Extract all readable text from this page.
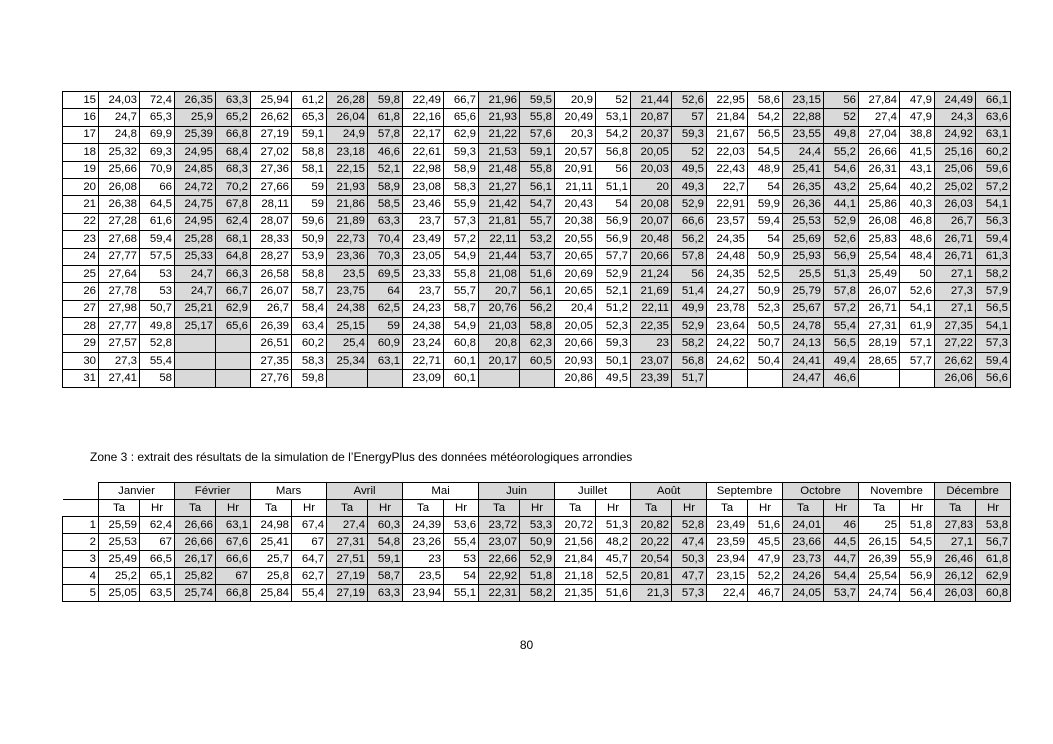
15	24,03	72,4	26,35	63,3	25,94	61,2	26,28	59,8	22,49	66,7	21,96	59,5	20,9	52	21,44	52,6	22,95	58,6	23,15	56	27,84	47,9	24,49	66,1
16	24,7	65,3	25,9	65,2	26,62	65,3	26,04	61,8	22,16	65,6	21,93	55,8	20,49	53,1	20,87	57	21,84	54,2	22,88	52	27,4	47,9	24,3	63,6
17	24,8	69,9	25,39	66,8	27,19	59,1	24,9	57,8	22,17	62,9	21,22	57,6	20,3	54,2	20,37	59,3	21,67	56,5	23,55	49,8	27,04	38,8	24,92	63,1
18	25,32	69,3	24,95	68,4	27,02	58,8	23,18	46,6	22,61	59,3	21,53	59,1	20,57	56,8	20,05	52	22,03	54,5	24,4	55,2	26,66	41,5	25,16	60,2
19	25,66	70,9	24,85	68,3	27,36	58,1	22,15	52,1	22,98	58,9	21,48	55,8	20,91	56	20,03	49,5	22,43	48,9	25,41	54,6	26,31	43,1	25,06	59,6
20	26,08	66	24,72	70,2	27,66	59	21,93	58,9	23,08	58,3	21,27	56,1	21,11	51,1	20	49,3	22,7	54	26,35	43,2	25,64	40,2	25,02	57,2
21	26,38	64,5	24,75	67,8	28,11	59	21,86	58,5	23,46	55,9	21,42	54,7	20,43	54	20,08	52,9	22,91	59,9	26,36	44,1	25,86	40,3	26,03	54,1
22	27,28	61,6	24,95	62,4	28,07	59,6	21,89	63,3	23,7	57,3	21,81	55,7	20,38	56,9	20,07	66,6	23,57	59,4	25,53	52,9	26,08	46,8	26,7	56,3
23	27,68	59,4	25,28	68,1	28,33	50,9	22,73	70,4	23,49	57,2	22,11	53,2	20,55	56,9	20,48	56,2	24,35	54	25,69	52,6	25,83	48,6	26,71	59,4
24	27,77	57,5	25,33	64,8	28,27	53,9	23,36	70,3	23,05	54,9	21,44	53,7	20,65	57,7	20,66	57,8	24,48	50,9	25,93	56,9	25,54	48,4	26,71	61,3
25	27,64	53	24,7	66,3	26,58	58,8	23,5	69,5	23,33	55,8	21,08	51,6	20,69	52,9	21,24	56	24,35	52,5	25,5	51,3	25,49	50	27,1	58,2
26	27,78	53	24,7	66,7	26,07	58,7	23,75	64	23,7	55,7	20,7	56,1	20,65	52,1	21,69	51,4	24,27	50,9	25,79	57,8	26,07	52,6	27,3	57,9
27	27,98	50,7	25,21	62,9	26,7	58,4	24,38	62,5	24,23	58,7	20,76	56,2	20,4	51,2	22,11	49,9	23,78	52,3	25,67	57,2	26,71	54,1	27,1	56,5
28	27,77	49,8	25,17	65,6	26,39	63,4	25,15	59	24,38	54,9	21,03	58,8	20,05	52,3	22,35	52,9	23,64	50,5	24,78	55,4	27,31	61,9	27,35	54,1
29	27,57	52,8			26,51	60,2	25,4	60,9	23,24	60,8	20,8	62,3	20,66	59,3	23	58,2	24,22	50,7	24,13	56,5	28,19	57,1	27,22	57,3
30	27,3	55,4			27,35	58,3	25,34	63,1	22,71	60,1	20,17	60,5	20,93	50,1	23,07	56,8	24,62	50,4	24,41	49,4	28,65	57,7	26,62	59,4
31	27,41	58			27,76	59,8			23,09	60,1			20,86	49,5	23,39	51,7			24,47	46,6			26,06	56,6
Zone 3 : extrait des résultats de la simulation de l’EnergyPlus des données météorologiques arrondies
	Janvier		Février		Mars		Avril		Mai		Juin		Juillet		Août		Septembre		Octobre		Novembre		Décembre	
	Ta	Hr	Ta	Hr	Ta	Hr	Ta	Hr	Ta	Hr	Ta	Hr	Ta	Hr	Ta	Hr	Ta	Hr	Ta	Hr	Ta	Hr	Ta	Hr
1	25,59	62,4	26,66	63,1	24,98	67,4	27,4	60,3	24,39	53,6	23,72	53,3	20,72	51,3	20,82	52,8	23,49	51,6	24,01	46	25	51,8	27,83	53,8
2	25,53	67	26,66	67,6	25,41	67	27,31	54,8	23,26	55,4	23,07	50,9	21,56	48,2	20,22	47,4	23,59	45,5	23,66	44,5	26,15	54,5	27,1	56,7
3	25,49	66,5	26,17	66,6	25,7	64,7	27,51	59,1	23	53	22,66	52,9	21,84	45,7	20,54	50,3	23,94	47,9	23,73	44,7	26,39	55,9	26,46	61,8
4	25,2	65,1	25,82	67	25,8	62,7	27,19	58,7	23,5	54	22,92	51,8	21,18	52,5	20,81	47,7	23,15	52,2	24,26	54,4	25,54	56,9	26,12	62,9
5	25,05	63,5	25,74	66,8	25,84	55,4	27,19	63,3	23,94	55,1	22,31	58,2	21,35	51,6	21,3	57,3	22,4	46,7	24,05	53,7	24,74	56,4	26,03	60,8
80
